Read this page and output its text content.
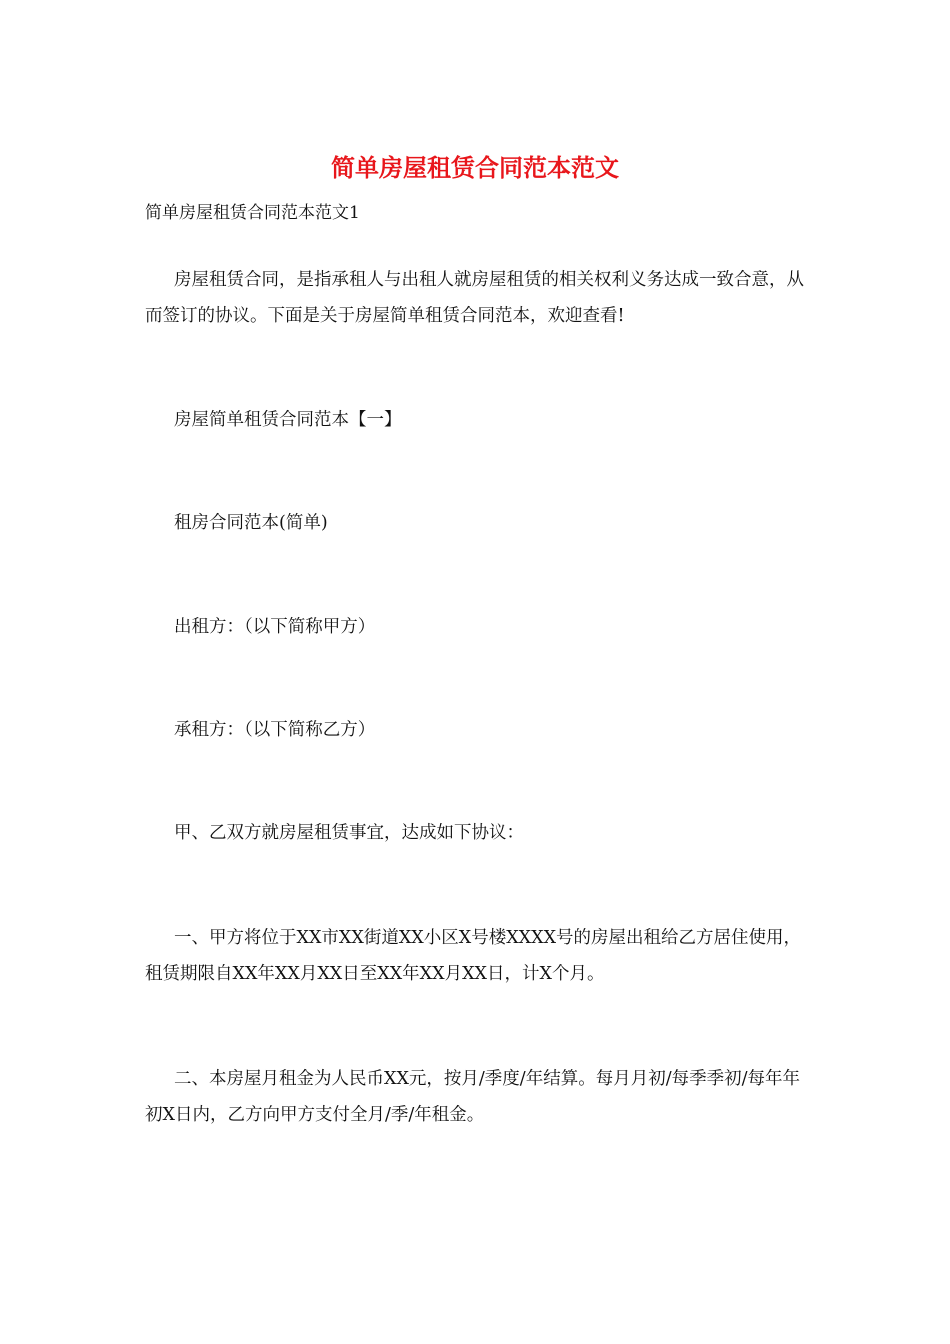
简单房屋租赁合同范本范文
简单房屋租赁合同范本范文1

房屋租赁合同，是指承租人与出租人就房屋租赁的相关权利义务达成一致合意，从而签订的协议。下面是关于房屋简单租赁合同范本，欢迎查看!

房屋简单租赁合同范本【一】
租房合同范本(简单)
出租方：（以下简称甲方）
承租方：（以下简称乙方）
甲、乙双方就房屋租赁事宜，达成如下协议：

一、甲方将位于XX市XX街道XX小区X号楼XXXX号的房屋出租给乙方居住使用，租赁期限自XX年XX月XX日至XX年XX月XX日，计X个月。

二、本房屋月租金为人民币XX元，按月/季度/年结算。每月月初/每季季初/每年年初X日内，乙方向甲方支付全月/季/年租金。
